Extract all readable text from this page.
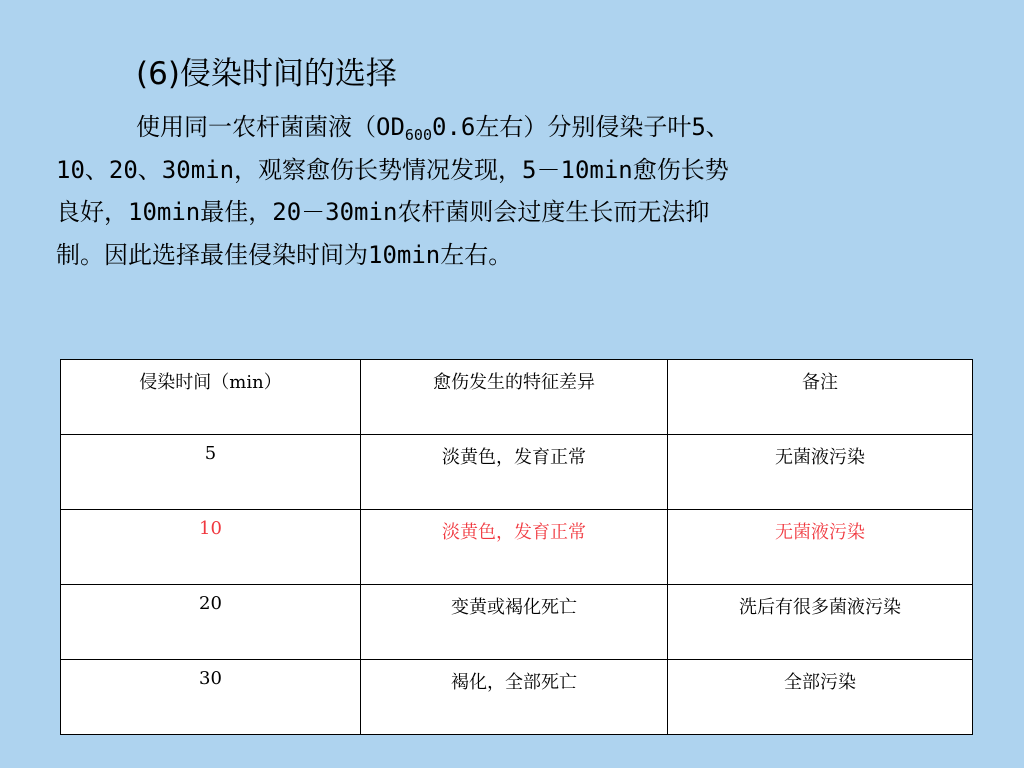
(6)侵染时间的选择
使用同一农杆菌菌液（$OD_{600}0.6$左右）分别侵染子叶5、
10、20、30min，观察愈伤长势情况发现，5－10min愈伤长势
良好，10min最佳，20－30min农杆菌则会过度生长而无法抑
制。因此选择最佳侵染时间为10min左右。
侵染时间（min）	愈伤发生的特征差异	备注
5	淡黄色，发育正常	无菌液污染
10	淡黄色，发育正常	无菌液污染
20	变黄或褐化死亡	洗后有很多菌液污染
30	褐化，全部死亡	全部污染
